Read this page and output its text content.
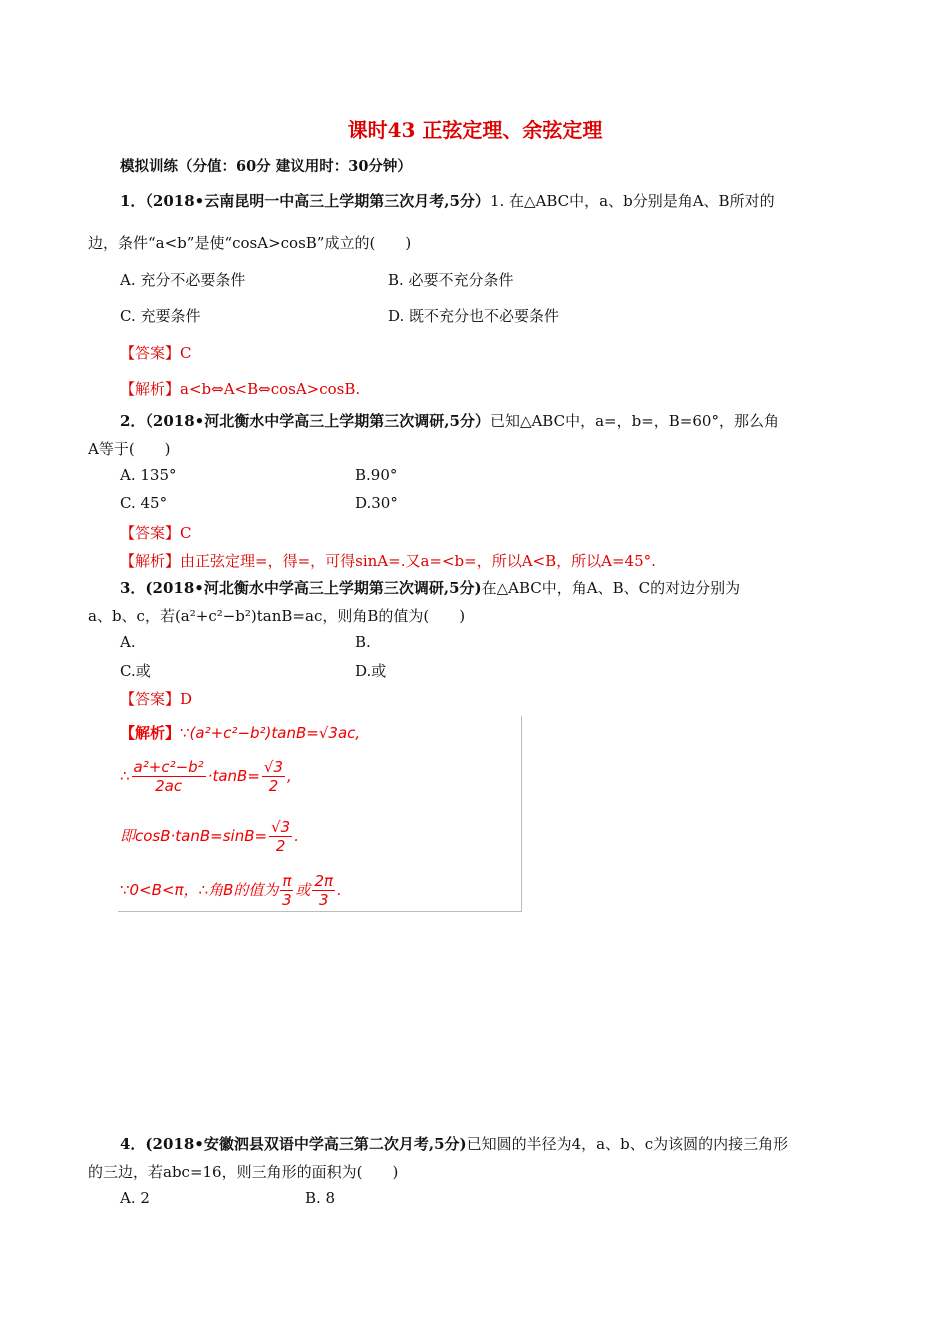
课时43 正弦定理、余弦定理
模拟训练（分值：60分 建议用时：30分钟）
1．（2018•云南昆明一中高三上学期第三次月考,5分）1. 在△ABC中，a、b分别是角A、B所对的
边，条件“a<b”是使“cosA>cosB”成立的(　　)
A. 充分不必要条件	B. 必要不充分条件
C. 充要条件	D. 既不充分也不必要条件
【答案】C
【解析】a<b⇔A<B⇔cosA>cosB.
2．（2018•河北衡水中学高三上学期第三次调研,5分）已知△ABC中，a=，b=，B=60°，那么角
A等于(　　)
A. 135°	B.90°
C. 45°	D.30°
【答案】C
【解析】由正弦定理=，得=，可得sinA=.又a=<b=，所以A<B，所以A=45°.
3．(2018•河北衡水中学高三上学期第三次调研,5分)在△ABC中，角A、B、C的对边分别为
a、b、c，若(a²+c²−b²)tanB=ac，则角B的值为(　　)
A.	B.
C.或	D.或
【答案】D
【解析】∵(a²+c²−b²)tanB=√3ac,
∴ $\frac{\text{a²+c²−b²}}{2ac} \cdot\tan B= \frac{√3}{2}$ ,
即$\cos B\cdot\tan B=\sin B= \frac{√3}{2}$ .
∵0<B<π，∴角B的值为 $\frac{\pi}{3}$ 或 $\frac{2\pi}{3}$ .
4．(2018•安徽泗县双语中学高三第二次月考,5分)已知圆的半径为4，a、b、c为该圆的内接三角形
的三边，若abc=16，则三角形的面积为(　　)
A. 2	B. 8
